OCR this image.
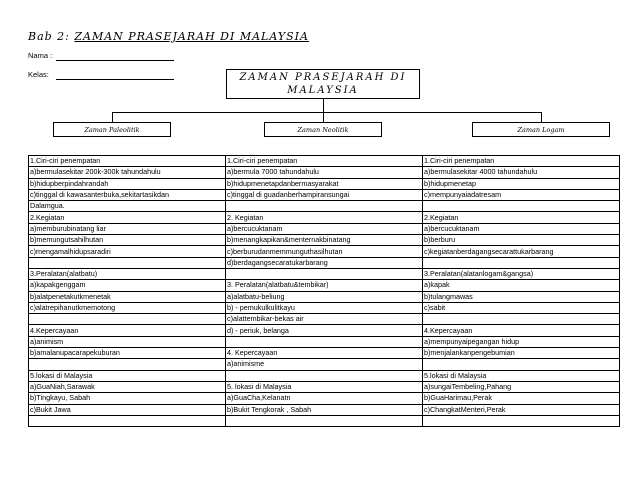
Bab 2: ZAMAN PRASEJARAH DI MALAYSIA
Nama :
Kelas:	ZAMAN PRASEJARAH DI MALAYSIA
Zaman Paleolitik	Zaman Neolitik	Zaman Logam
1.Ciri-ciri penempatan	1.Ciri-ciri penempatan	1.Ciri-ciri penempatan
a)bermulasekitar 200k-300k tahundahulu	a)bermula 7000 tahundahulu	a)bermulasekitar 4000 tahundahulu
b)hidupberpindahrandah	b)hidupmenetapdanbermasyarakat	b)hidupmenetap
c)tinggal di kawasanterbuka,sekitartasikdan	c)tinggal di guadanberhampiransungai	c)mempunyaiadatresam
Dalamgua.		
2.Kegiatan	2. Kegiatan	2.Kegiatan
a)memburubinatang liar	a)bercucuktanam	a)bercucuktanam
b)memungutsahilhutan	b)menangkapikan&menternakbinatang	b)berburu
c)mengamalhidupsaradiri	c)berburudanmemmunguthasilhutan	c)kegiatanberdagangsecarattukarbarang
	d)berdagangsecaratukarbarang	
3.Peralatan(alatbatu)		3.Peralatan(alatanlogam&gangsa)
a)kapakgenggam	3. Peralatan(alatbatu&tembikar)	a)kapak
b)alatpenetakutkmenetak	a)alatbatu-beliung	b)tulangmawas
c)alatrepihanutkmemotong	b) - pemukulkulitkayu	c)sabit
	c)alattembikar-bekas air	
4.Kepercayaan	d) - periuk, belanga	4.Kepercayaan
a)animism		a)mempunyaipegangan hidup
b)amalanupacarapekuburan	4. Kepercayaan	b)menjalankanpengebumian
	a)animisme	
5.lokasi di Malaysia		5.lokasi di Malaysia
a)GuaNiah,Sarawak	5. lokasi di Malaysia	a)sungaiTembeling,Pahang
b)Tingkayu, Sabah	a)GuaCha,Kelanatn	b)GuaHarimau,Perak
c)Bukit Jawa	b)Bukit Tengkorak , Sabah	c)ChangkatMenteri,Perak
